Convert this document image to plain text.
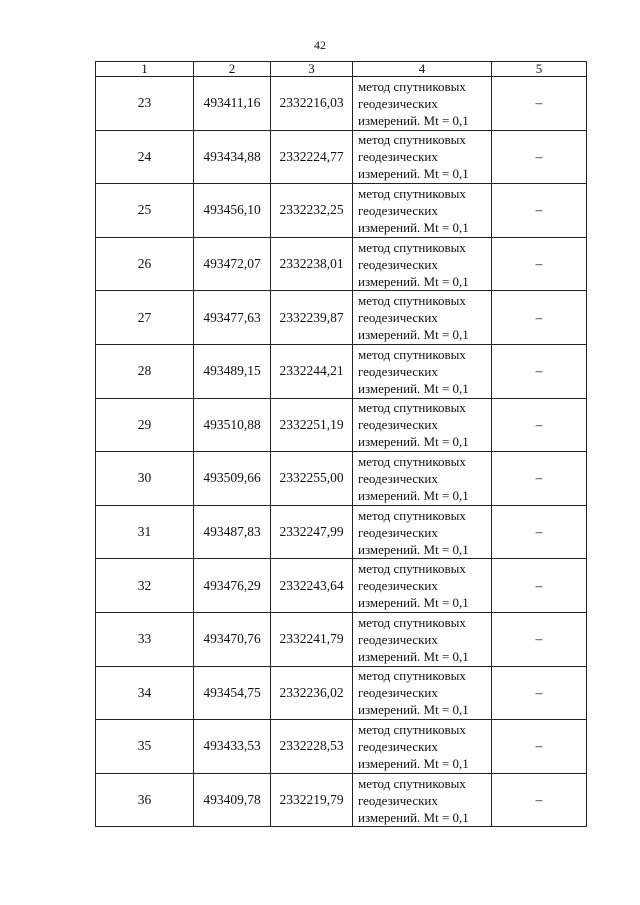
42
1	2	3	4	5
23	493411,16	2332216,03	метод спутниковых
геодезических
измерений. Mt = 0,1	–
24	493434,88	2332224,77	метод спутниковых
геодезических
измерений. Mt = 0,1	–
25	493456,10	2332232,25	метод спутниковых
геодезических
измерений. Mt = 0,1	–
26	493472,07	2332238,01	метод спутниковых
геодезических
измерений. Mt = 0,1	–
27	493477,63	2332239,87	метод спутниковых
геодезических
измерений. Mt = 0,1	–
28	493489,15	2332244,21	метод спутниковых
геодезических
измерений. Mt = 0,1	–
29	493510,88	2332251,19	метод спутниковых
геодезических
измерений. Mt = 0,1	–
30	493509,66	2332255,00	метод спутниковых
геодезических
измерений. Mt = 0,1	–
31	493487,83	2332247,99	метод спутниковых
геодезических
измерений. Mt = 0,1	–
32	493476,29	2332243,64	метод спутниковых
геодезических
измерений. Mt = 0,1	–
33	493470,76	2332241,79	метод спутниковых
геодезических
измерений. Mt = 0,1	–
34	493454,75	2332236,02	метод спутниковых
геодезических
измерений. Mt = 0,1	–
35	493433,53	2332228,53	метод спутниковых
геодезических
измерений. Mt = 0,1	–
36	493409,78	2332219,79	метод спутниковых
геодезических
измерений. Mt = 0,1	–
